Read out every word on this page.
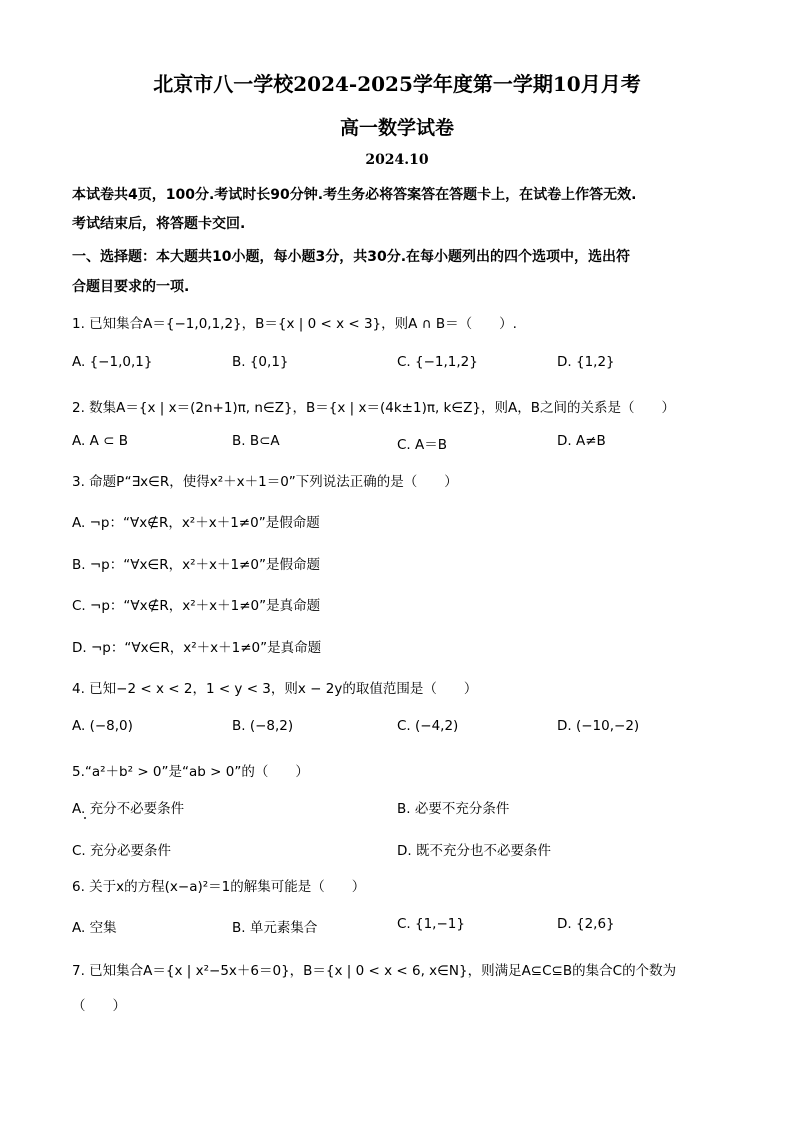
北京市八一学校2024-2025学年度第一学期10月月考
高一数学试卷
2024.10
本试卷共4页，100分.考试时长90分钟.考生务必将答案答在答题卡上，在试卷上作答无效.
考试结束后，将答题卡交回.
一、选择题：本大题共10小题，每小题3分，共30分.在每小题列出的四个选项中，选出符
合题目要求的一项.
1. 已知集合A＝{−1,0,1,2}，B＝{x | 0 < x < 3}，则A ∩ B＝（　　）.
A. {−1,0,1}	B. {0,1}	C. {−1,1,2}	D. {1,2}
2. 数集A＝{x | x＝(2n+1)π, n∈Z}，B＝{x | x＝(4k±1)π, k∈Z}，则A，B之间的关系是（　　）
A. A ⊂ B	B. B⊂A	C. A＝B	D. A≠B
3. 命题P“∃x∈R，使得x²＋x＋1＝0”下列说法正确的是（　　）
A. ¬p：“∀x∉R，x²＋x＋1≠0”是假命题
B. ¬p：“∀x∈R，x²＋x＋1≠0”是假命题
C. ¬p：“∀x∉R，x²＋x＋1≠0”是真命题
D. ¬p：“∀x∈R，x²＋x＋1≠0”是真命题
4. 已知−2 < x < 2，1 < y < 3，则x − 2y的取值范围是（　　）
A. (−8,0)	B. (−8,2)	C. (−4,2)	D. (−10,−2)
5.“a²＋b² > 0”是“ab > 0”的（　　）
A. 充分不必要条件	B. 必要不充分条件
C. 充分必要条件	D. 既不充分也不必要条件
6. 关于x的方程(x−a)²＝1的解集可能是（　　）
A. 空集	B. 单元素集合	C. {1,−1}	D. {2,6}
7. 已知集合A＝{x | x²−5x＋6＝0}，B＝{x | 0 < x < 6, x∈N}，则满足A⊆C⊆B的集合C的个数为
（　　）
